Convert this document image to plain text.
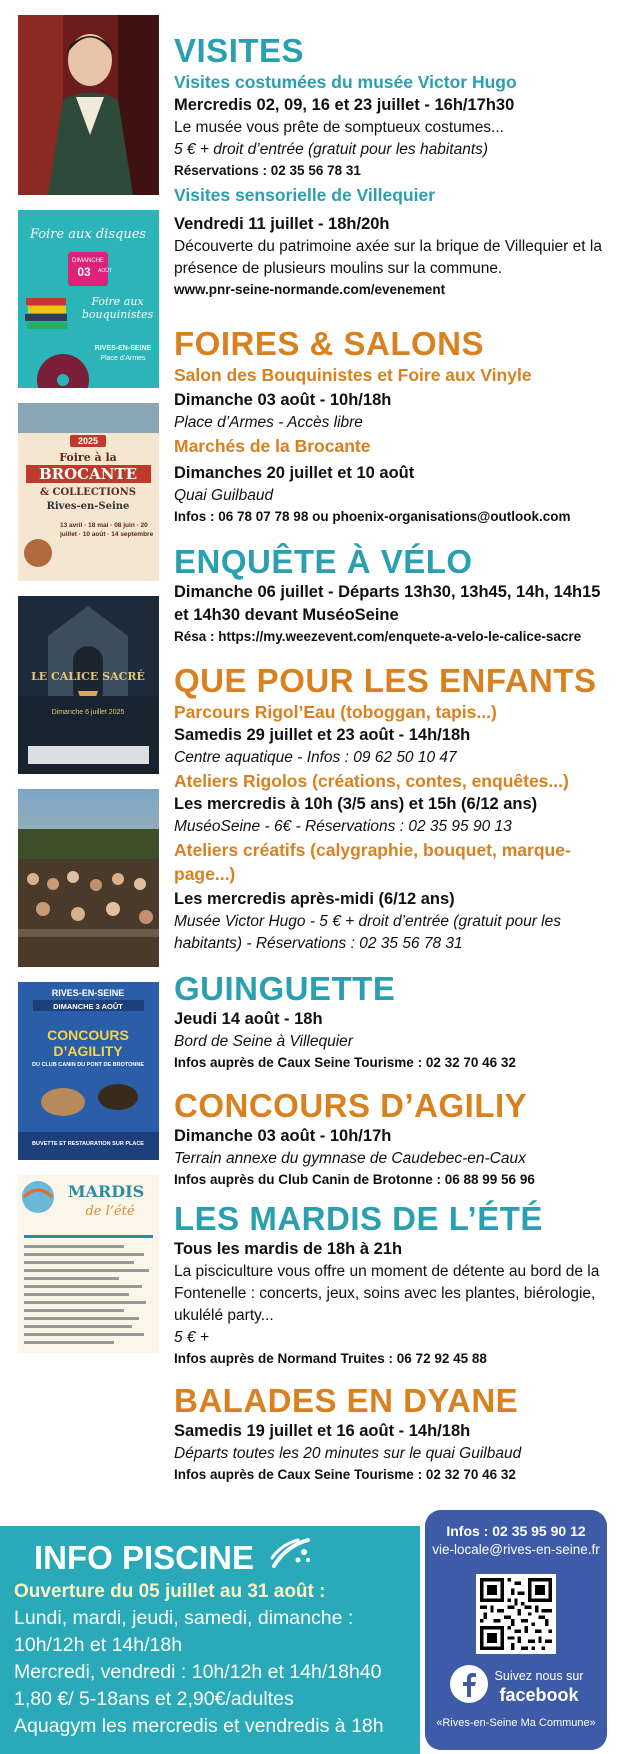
Foire aux disques
DIMANCHE
03 AOÛT
Foire aux bouquinistes
RIVES-EN-SEINE
Place d’Armes
2025
Foire à la
BROCANTE
& COLLECTIONS
Rives-en-Seine
13 avril · 18 mai · 08 juin · 20 juillet · 10 août · 14 septembre
LE CALICE SACRÉ
Dimanche 6 juillet 2025
RIVES-EN-SEINE
DIMANCHE 3 AOÛT
CONCOURS
D’AGILITY
DU CLUB CANIN DU PONT DE BROTONNE
BUVETTE ET RESTAURATION SUR PLACE
MARDIS
de l’été
VISITES
Visites costumées du musée Victor Hugo
Mercredis 02, 09, 16 et 23 juillet - 16h/17h30
Le musée vous prête de somptueux costumes...
5 € + droit d’entrée (gratuit pour les habitants)
Réservations : 02 35 56 78 31
Visites sensorielle de Villequier
Vendredi 11 juillet - 18h/20h
Découverte du patrimoine axée sur la brique de Villequier et la présence de plusieurs moulins sur la commune.
www.pnr-seine-normande.com/evenement
FOIRES & SALONS
Salon des Bouquinistes et Foire aux Vinyle
Dimanche 03 août - 10h/18h
Place d’Armes - Accès libre
Marchés de la Brocante
Dimanches 20 juillet et 10 août
Quai Guilbaud
Infos : 06 78 07 78 98 ou phoenix-organisations@outlook.com
ENQUÊTE À VÉLO
Dimanche 06 juillet - Départs 13h30, 13h45, 14h, 14h15 et 14h30 devant MuséoSeine
Résa : https://my.weezevent.com/enquete-a-velo-le-calice-sacre
QUE POUR LES ENFANTS
Parcours Rigol’Eau (toboggan, tapis...)
Samedis 29 juillet et 23 août - 14h/18h
Centre aquatique - Infos : 09 62 50 10 47
Ateliers Rigolos (créations, contes, enquêtes...)
Les mercredis à 10h (3/5 ans) et 15h (6/12 ans)
MuséoSeine - 6€ - Réservations : 02 35 95 90 13
Ateliers créatifs (calygraphie, bouquet, marque-page...)
Les mercredis après-midi (6/12 ans)
Musée Victor Hugo - 5 € + droit d’entrée (gratuit pour les habitants) - Réservations : 02 35 56 78 31
GUINGUETTE
Jeudi 14 août - 18h
Bord de Seine à Villequier
Infos auprès de Caux Seine Tourisme : 02 32 70 46 32
CONCOURS D’AGILIY
Dimanche 03 août - 10h/17h
Terrain annexe du gymnase de Caudebec-en-Caux
Infos auprès du Club Canin de Brotonne : 06 88 99 56 96
LES MARDIS DE L’ÉTÉ
Tous les mardis de 18h à 21h
La pisciculture vous offre un moment de détente au bord de la Fontenelle : concerts, jeux, soins avec les plantes, biérologie, ukulélé party...
5 € +
Infos auprès de Normand Truites : 06 72 92 45 88
BALADES EN DYANE
Samedis 19 juillet et 16 août - 14h/18h
Départs toutes les 20 minutes sur le quai Guilbaud
Infos auprès de Caux Seine Tourisme : 02 32 70 46 32
INFO PISCINE
Ouverture du 05 juillet au 31 août :
Lundi, mardi, jeudi, samedi, dimanche :
10h/12h et 14h/18h
Mercredi, vendredi : 10h/12h et 14h/18h40
1,80 €/ 5-18ans et 2,90€/adultes
Aquagym les mercredis et vendredis à 18h
Infos : 02 35 95 90 12
vie-locale@rives-en-seine.fr
Suivez nous sur
facebook
«Rives-en-Seine Ma Commune»
